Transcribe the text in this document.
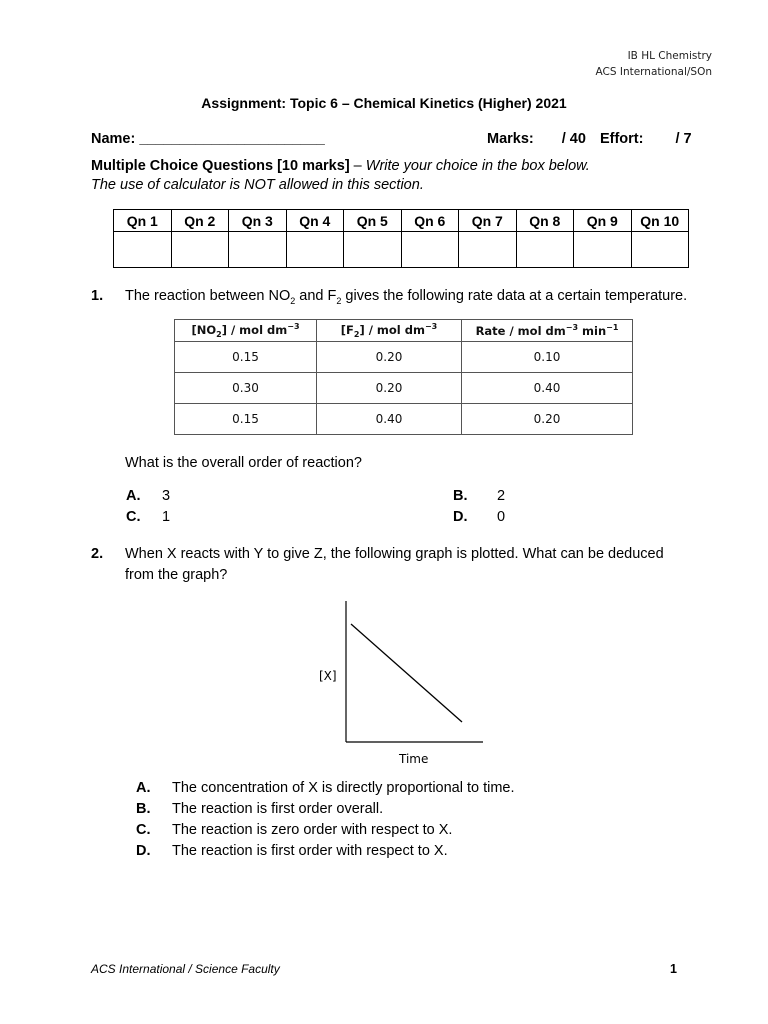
IB HL Chemistry
ACS International/SOn
Assignment: Topic 6 – Chemical Kinetics (Higher) 2021
Name: _______________________	Marks: / 40 Effort: / 7
Multiple Choice Questions [10 marks] – Write your choice in the box below.
The use of calculator is NOT allowed in this section.
Qn 1	Qn 2	Qn 3	Qn 4	Qn 5	Qn 6	Qn 7	Qn 8	Qn 9	Qn 10

1. The reaction between $NO_2$ and $F_2$ gives the following rate data at a certain temperature.
$[NO_2]$ / mol $dm^{-3}$	$[F_2]$ / mol $dm^{-3}$	Rate / mol $dm^{-3}$ $\min^{-1}$
0.15	0.20	0.10
0.30	0.20	0.40
0.15	0.40	0.20
What is the overall order of reaction?
A. 3	B. 2
C. 1	D. 0
2. When X reacts with Y to give Z, the following graph is plotted. What can be deduced
from the graph?
[X]
Time
A. The concentration of X is directly proportional to time.
B. The reaction is first order overall.
C. The reaction is zero order with respect to X.
D. The reaction is first order with respect to X.
ACS International / Science Faculty	1
